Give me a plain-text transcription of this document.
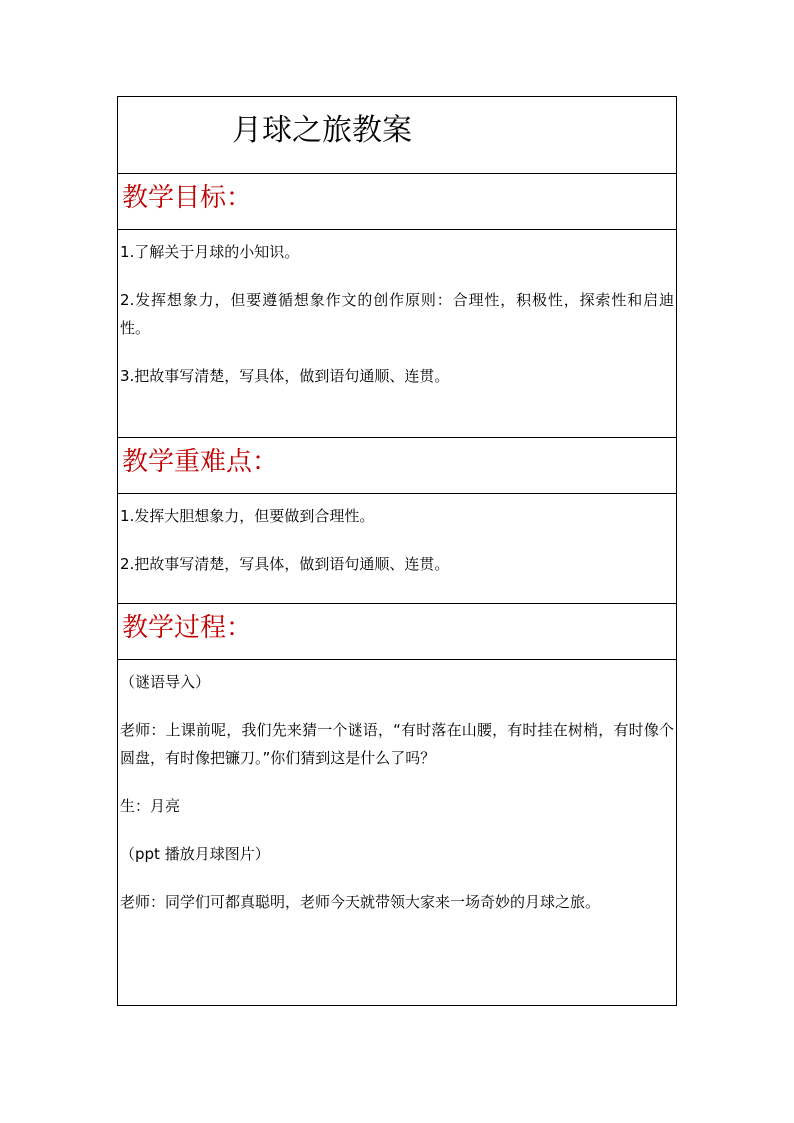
月球之旅教案
教学目标：

1.了解关于月球的小知识。

2.发挥想象力，但要遵循想象作文的创作原则：合理性，积极性，探索性和启迪性。

3.把故事写清楚，写具体，做到语句通顺、连贯。

教学重难点：

1.发挥大胆想象力，但要做到合理性。

2.把故事写清楚，写具体，做到语句通顺、连贯。

教学过程：

（谜语导入）

老师：上课前呢，我们先来猜一个谜语，“有时落在山腰，有时挂在树梢，有时像个圆盘，有时像把镰刀。”你们猜到这是什么了吗？

生：月亮

（ppt 播放月球图片）

老师：同学们可都真聪明，老师今天就带领大家来一场奇妙的月球之旅。
